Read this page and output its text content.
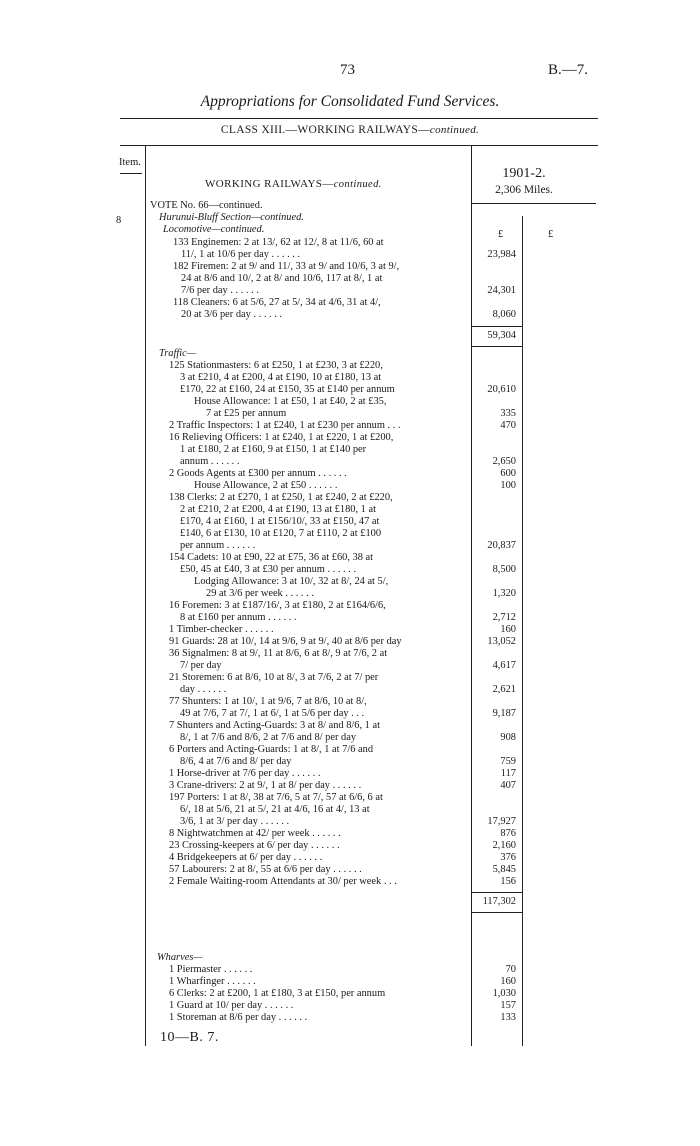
73	B.—7.
Appropriations for Consolidated Fund Services.
CLASS XIII.—WORKING RAILWAYS—continued.
Item.
WORKING RAILWAYS—continued.
1901-2.
2,306 Miles.
£	£
8
VOTE No. 66—continued.
Hurunui-Bluff Section—continued.
Locomotive—continued.
133 Enginemen: 2 at 13/, 62 at 12/, 8 at 11/6, 60 at
11/, 1 at 10/6 per day . . . . . .
182 Firemen: 2 at 9/ and 11/, 33 at 9/ and 10/6, 3 at 9/,
24 at 8/6 and 10/, 2 at 8/ and 10/6, 117 at 8/, 1 at
7/6 per day . . . . . .
118 Cleaners: 6 at 5/6, 27 at 5/, 34 at 4/6, 31 at 4/,
20 at 3/6 per day . . . . . .
Traffic—
125 Stationmasters: 6 at £250, 1 at £230, 3 at £220,
3 at £210, 4 at £200, 4 at £190, 10 at £180, 13 at
£170, 22 at £160, 24 at £150, 35 at £140 per annum
House Allowance: 1 at £50, 1 at £40, 2 at £35,
7 at £25 per annum
2 Traffic Inspectors: 1 at £240, 1 at £230 per annum . . .
16 Relieving Officers: 1 at £240, 1 at £220, 1 at £200,
1 at £180, 2 at £160, 9 at £150, 1 at £140 per
annum . . . . . .
2 Goods Agents at £300 per annum . . . . . .
House Allowance, 2 at £50 . . . . . .
138 Clerks: 2 at £270, 1 at £250, 1 at £240, 2 at £220,
2 at £210, 2 at £200, 4 at £190, 13 at £180, 1 at
£170, 4 at £160, 1 at £156/10/, 33 at £150, 47 at
£140, 6 at £130, 10 at £120, 7 at £110, 2 at £100
per annum . . . . . .
154 Cadets: 10 at £90, 22 at £75, 36 at £60, 38 at
£50, 45 at £40, 3 at £30 per annum . . . . . .
Lodging Allowance: 3 at 10/, 32 at 8/, 24 at 5/,
29 at 3/6 per week . . . . . .
16 Foremen: 3 at £187/16/, 3 at £180, 2 at £164/6/6,
8 at £160 per annum . . . . . .
1 Timber-checker . . . . . .
91 Guards: 28 at 10/, 14 at 9/6, 9 at 9/, 40 at 8/6 per day
36 Signalmen: 8 at 9/, 11 at 8/6, 6 at 8/, 9 at 7/6, 2 at
7/ per day
21 Storemen: 6 at 8/6, 10 at 8/, 3 at 7/6, 2 at 7/ per
day . . . . . .
77 Shunters: 1 at 10/, 1 at 9/6, 7 at 8/6, 10 at 8/,
49 at 7/6, 7 at 7/, 1 at 6/, 1 at 5/6 per day . . .
7 Shunters and Acting-Guards: 3 at 8/ and 8/6, 1 at
8/, 1 at 7/6 and 8/6, 2 at 7/6 and 8/ per day
6 Porters and Acting-Guards: 1 at 8/, 1 at 7/6 and
8/6, 4 at 7/6 and 8/ per day
1 Horse-driver at 7/6 per day . . . . . .
3 Crane-drivers: 2 at 9/, 1 at 8/ per day . . . . . .
197 Porters: 1 at 8/, 38 at 7/6, 5 at 7/, 57 at 6/6, 6 at
6/, 18 at 5/6, 21 at 5/, 21 at 4/6, 16 at 4/, 13 at
3/6, 1 at 3/ per day . . . . . .
8 Nightwatchmen at 42/ per week . . . . . .
23 Crossing-keepers at 6/ per day . . . . . .
4 Bridgekeepers at 6/ per day . . . . . .
57 Labourers: 2 at 8/, 55 at 6/6 per day . . . . . .
2 Female Waiting-room Attendants at 30/ per week . . .
Wharves—
1 Piermaster . . . . . .
1 Wharfinger . . . . . .
6 Clerks: 2 at £200, 1 at £180, 3 at £150, per annum
1 Guard at 10/ per day . . . . . .
1 Storeman at 8/6 per day . . . . . .
23,984
24,301
8,060
59,304
20,610
335
470
2,650
600
100
20,837
8,500
1,320
2,712
160
13,052
4,617
2,621
9,187
908
759
117
407
17,927
876
2,160
376
5,845
156
117,302
70
160
1,030
157
133
10—B. 7.
